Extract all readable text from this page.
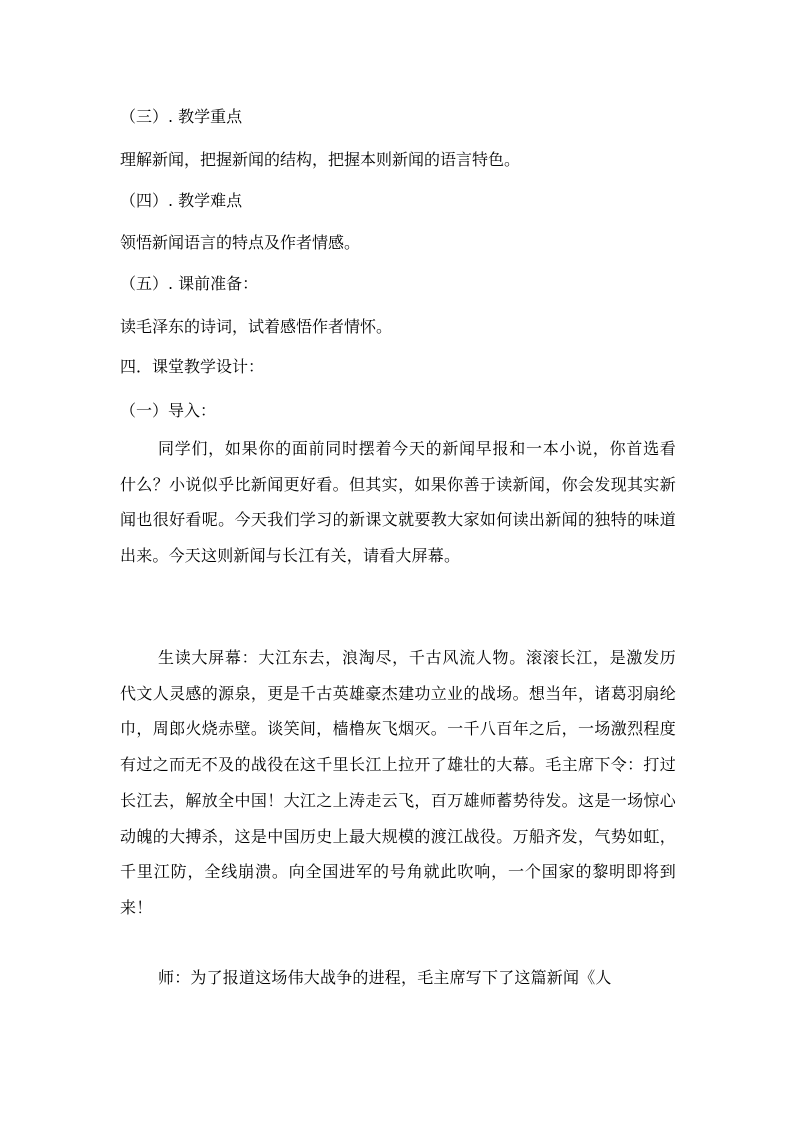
（三）. 教学重点

理解新闻，把握新闻的结构，把握本则新闻的语言特色。

（四）. 教学难点

领悟新闻语言的特点及作者情感。

（五）. 课前准备：

读毛泽东的诗词，试着感悟作者情怀。

四．课堂教学设计：

（一）导入：

同学们，如果你的面前同时摆着今天的新闻早报和一本小说，你首选看什么？小说似乎比新闻更好看。但其实，如果你善于读新闻，你会发现其实新闻也很好看呢。今天我们学习的新课文就要教大家如何读出新闻的独特的味道出来。今天这则新闻与长江有关，请看大屏幕。

生读大屏幕：大江东去，浪淘尽，千古风流人物。滚滚长江，是激发历代文人灵感的源泉，更是千古英雄豪杰建功立业的战场。想当年，诸葛羽扇纶巾，周郎火烧赤壁。谈笑间，樯橹灰飞烟灭。一千八百年之后，一场激烈程度有过之而无不及的战役在这千里长江上拉开了雄壮的大幕。毛主席下令：打过长江去，解放全中国！大江之上涛走云飞，百万雄师蓄势待发。这是一场惊心动魄的大搏杀，这是中国历史上最大规模的渡江战役。万船齐发，气势如虹，千里江防，全线崩溃。向全国进军的号角就此吹响，一个国家的黎明即将到来！

师：为了报道这场伟大战争的进程，毛主席写下了这篇新闻《人
